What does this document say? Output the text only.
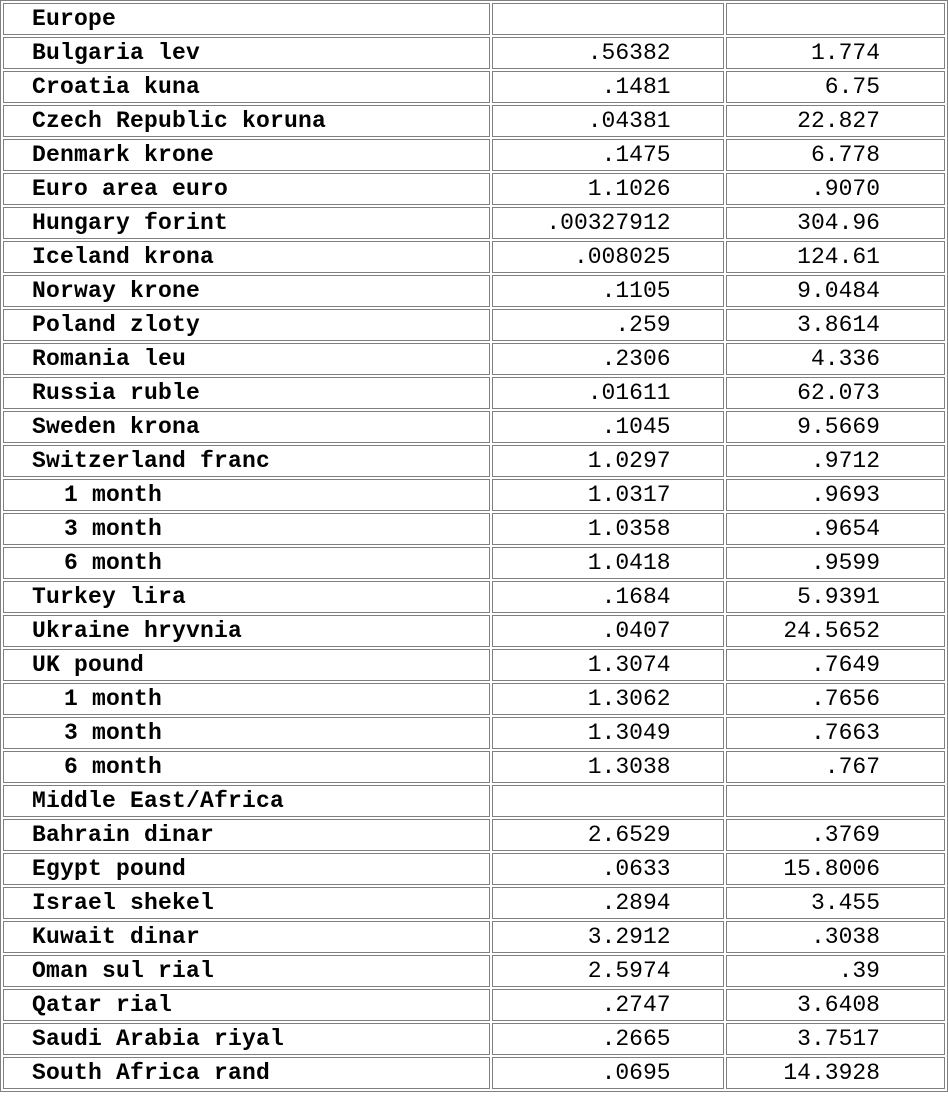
Europe		
Bulgaria lev	.56382	1.774
Croatia kuna	.1481	6.75
Czech Republic koruna	.04381	22.827
Denmark krone	.1475	6.778
Euro area euro	1.1026	.9070
Hungary forint	.00327912	304.96
Iceland krona	.008025	124.61
Norway krone	.1105	9.0484
Poland zloty	.259	3.8614
Romania leu	.2306	4.336
Russia ruble	.01611	62.073
Sweden krona	.1045	9.5669
Switzerland franc	1.0297	.9712
1 month	1.0317	.9693
3 month	1.0358	.9654
6 month	1.0418	.9599
Turkey lira	.1684	5.9391
Ukraine hryvnia	.0407	24.5652
UK pound	1.3074	.7649
1 month	1.3062	.7656
3 month	1.3049	.7663
6 month	1.3038	.767
Middle East/Africa		
Bahrain dinar	2.6529	.3769
Egypt pound	.0633	15.8006
Israel shekel	.2894	3.455
Kuwait dinar	3.2912	.3038
Oman sul rial	2.5974	.39
Qatar rial	.2747	3.6408
Saudi Arabia riyal	.2665	3.7517
South Africa rand	.0695	14.3928
